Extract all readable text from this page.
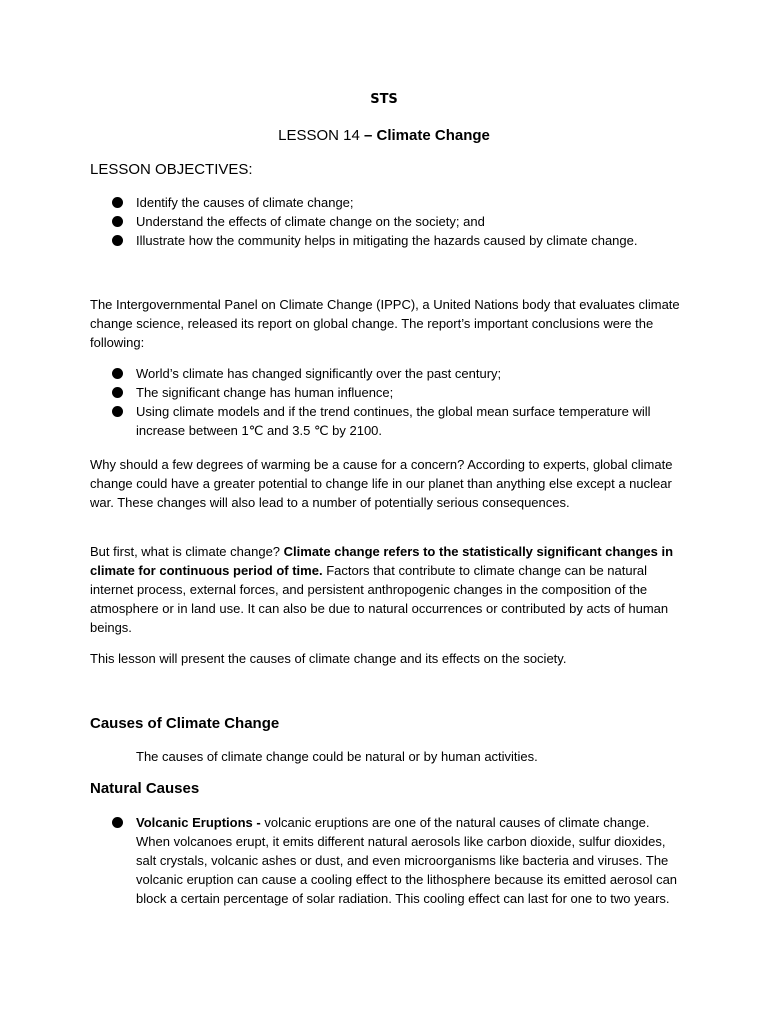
STS
LESSON 14 – Climate Change
LESSON OBJECTIVES:
Identify the causes of climate change;
Understand the effects of climate change on the society; and
Illustrate how the community helps in mitigating the hazards caused by climate change.

The Intergovernmental Panel on Climate Change (IPPC), a United Nations body that evaluates climate change science, released its report on global change. The report’s important conclusions were the following:

World’s climate has changed significantly over the past century;
The significant change has human influence;
Using climate models and if the trend continues, the global mean surface temperature will increase between 1℃ and 3.5 ℃ by 2100.

Why should a few degrees of warming be a cause for a concern? According to experts, global climate change could have a greater potential to change life in our planet than anything else except a nuclear war. These changes will also lead to a number of potentially serious consequences.

But first, what is climate change? Climate change refers to the statistically significant changes in climate for continuous period of time. Factors that contribute to climate change can be natural internet process, external forces, and persistent anthropogenic changes in the composition of the atmosphere or in land use. It can also be due to natural occurrences or contributed by acts of human beings.

This lesson will present the causes of climate change and its effects on the society.

Causes of Climate Change
The causes of climate change could be natural or by human activities.
Natural Causes
Volcanic Eruptions - volcanic eruptions are one of the natural causes of climate change. When volcanoes erupt, it emits different natural aerosols like carbon dioxide, sulfur dioxides, salt crystals, volcanic ashes or dust, and even microorganisms like bacteria and viruses. The volcanic eruption can cause a cooling effect to the lithosphere because its emitted aerosol can block a certain percentage of solar radiation. This cooling effect can last for one to two years.
